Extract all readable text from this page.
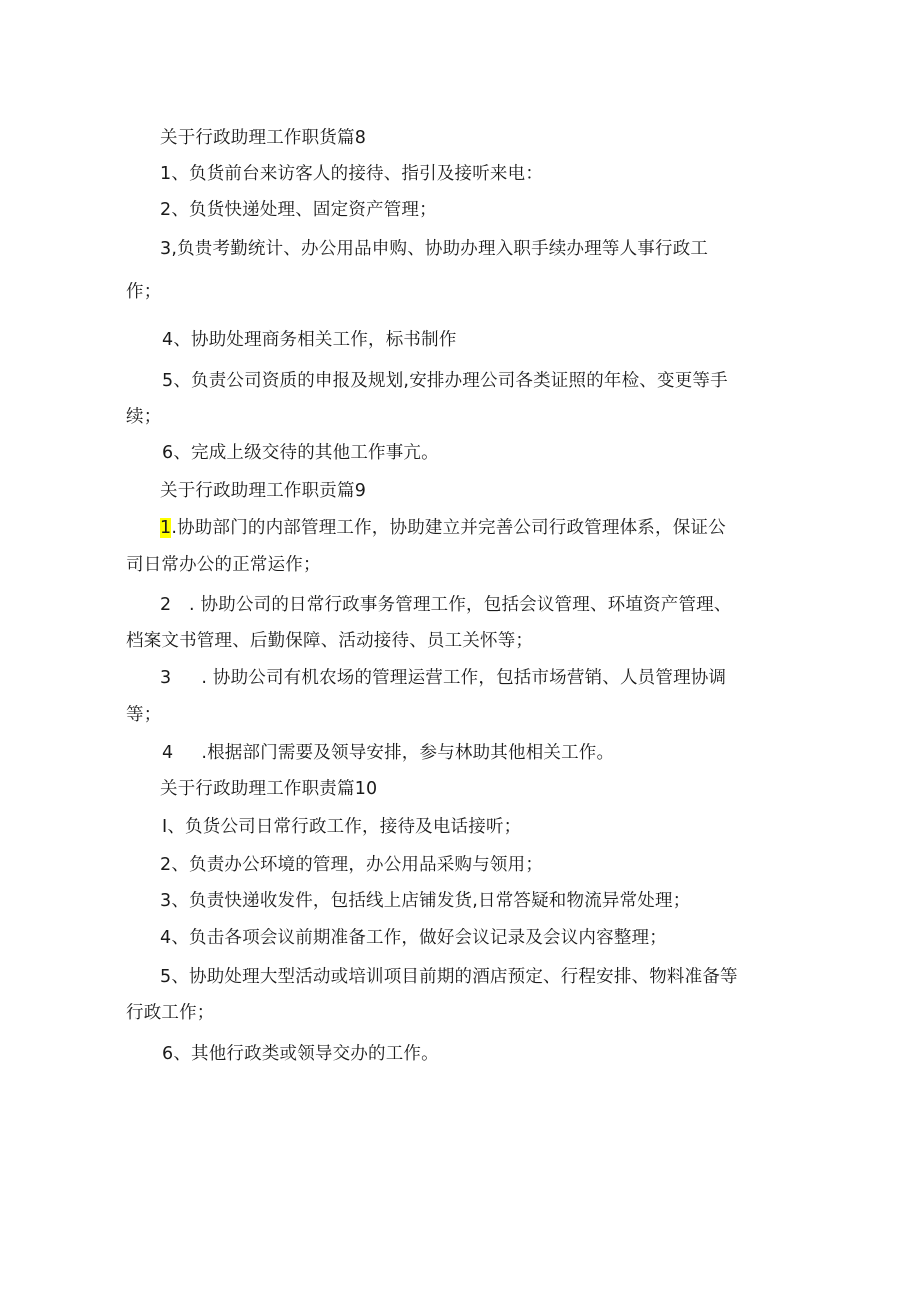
关于行政助理工作职货篇8
1、负货前台来访客人的接待、指引及接听来电：
2、负货快递处理、固定资产管理；
3,负贵考勤统计、办公用品申购、协助办理入职手续办理等人事行政工
作；
4、协助处理商务相关工作，标书制作
5、负责公司资质的申报及规划,安排办理公司各类证照的年检、变更等手
续；
6、完成上级交待的其他工作事亢。
关于行政助理工作职贡篇9
1.协助部门的内部管理工作，协助建立并完善公司行政管理体系，保证公
司日常办公的正常运作；
2　. 协助公司的日常行政事务管理工作，包括会议管理、环埴资产管理、
档案文书管理、后勤保障、活动接待、员工关怀等；
3 . 协助公司有机农场的管理运营工作，包括市场营销、人员管理协调
等；
4 .根据部门需要及领导安排，参与林助其他相关工作。
关于行政助理工作职责篇10
I、负货公司日常行政工作，接待及电话接听；
2、负责办公环境的管理，办公用品采购与领用；
3、负责快递收发件，包括线上店铺发货,日常答疑和物流异常处理；
4、负击各项会议前期准备工作，做好会议记录及会议内容整理；
5、协助处理大型活动或培训项目前期的酒店预定、行程安排、物料准备等
行政工作；
6、其他行政类或领导交办的工作。
